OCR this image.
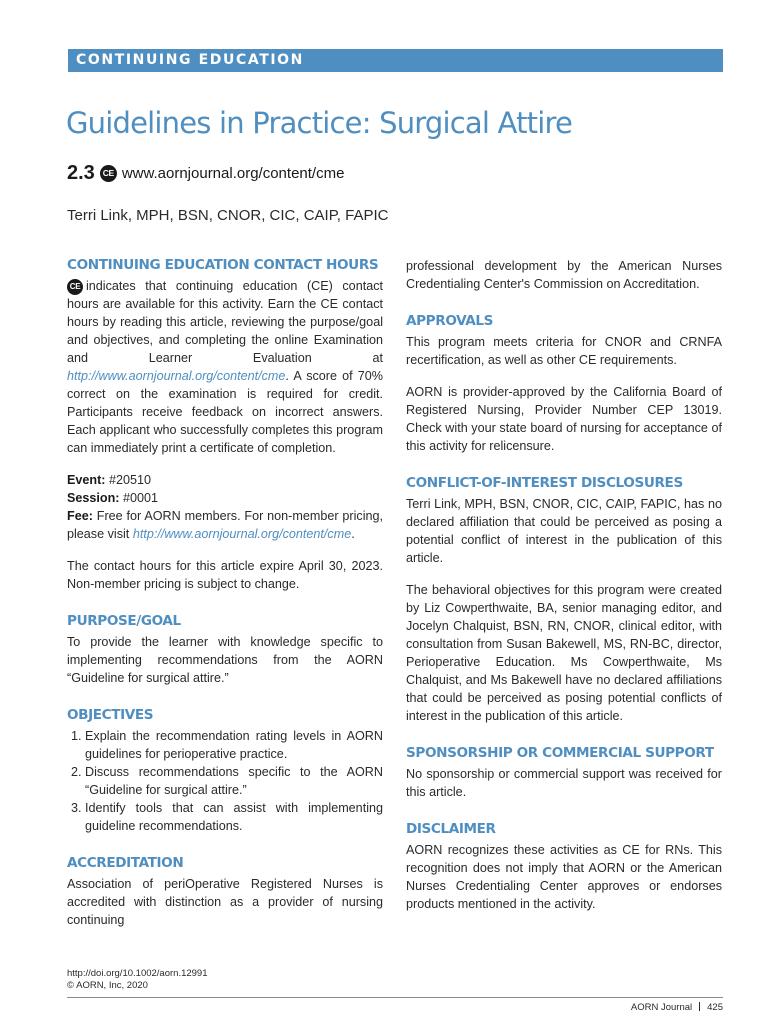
CONTINUING EDUCATION
Guidelines in Practice: Surgical Attire
2.3 CE www.aornjournal.org/content/cme
Terri Link, MPH, BSN, CNOR, CIC, CAIP, FAPIC
CONTINUING EDUCATION CONTACT HOURS

CE indicates that continuing education (CE) contact hours are available for this activity. Earn the CE contact hours by reading this article, reviewing the purpose/goal and objectives, and completing the online Examination and Learner Evaluation at http://www.aornjournal.org/content/cme. A score of 70% correct on the examination is required for credit. Participants receive feedback on incorrect answers. Each applicant who successfully completes this program can immediately print a certificate of completion.

Event: #20510
Session: #0001
Fee: Free for AORN members. For non-member pricing, please visit http://www.aornjournal.org/content/cme.

The contact hours for this article expire April 30, 2023. Non-member pricing is subject to change.

PURPOSE/GOAL

To provide the learner with knowledge specific to implementing recommendations from the AORN “Guideline for surgical attire.”

OBJECTIVES
1. Explain the recommendation rating levels in AORN guidelines for perioperative practice.
2. Discuss recommendations specific to the AORN “Guideline for surgical attire.”
3. Identify tools that can assist with implementing guideline recommendations.
ACCREDITATION

Association of periOperative Registered Nurses is accredited with distinction as a provider of nursing continuing

professional development by the American Nurses Credentialing Center's Commission on Accreditation.

APPROVALS

This program meets criteria for CNOR and CRNFA recertification, as well as other CE requirements.

AORN is provider-approved by the California Board of Registered Nursing, Provider Number CEP 13019. Check with your state board of nursing for acceptance of this activity for relicensure.

CONFLICT-OF-INTEREST DISCLOSURES

Terri Link, MPH, BSN, CNOR, CIC, CAIP, FAPIC, has no declared affiliation that could be perceived as posing a potential conflict of interest in the publication of this article.

The behavioral objectives for this program were created by Liz Cowperthwaite, BA, senior managing editor, and Jocelyn Chalquist, BSN, RN, CNOR, clinical editor, with consultation from Susan Bakewell, MS, RN-BC, director, Perioperative Education. Ms Cowperthwaite, Ms Chalquist, and Ms Bakewell have no declared affiliations that could be perceived as posing potential conflicts of interest in the publication of this article.

SPONSORSHIP OR COMMERCIAL SUPPORT

No sponsorship or commercial support was received for this article.

DISCLAIMER

AORN recognizes these activities as CE for RNs. This recognition does not imply that AORN or the American Nurses Credentialing Center approves or endorses products mentioned in the activity.

http://doi.org/10.1002/aorn.12991
© AORN, Inc, 2020
AORN Journal 425
